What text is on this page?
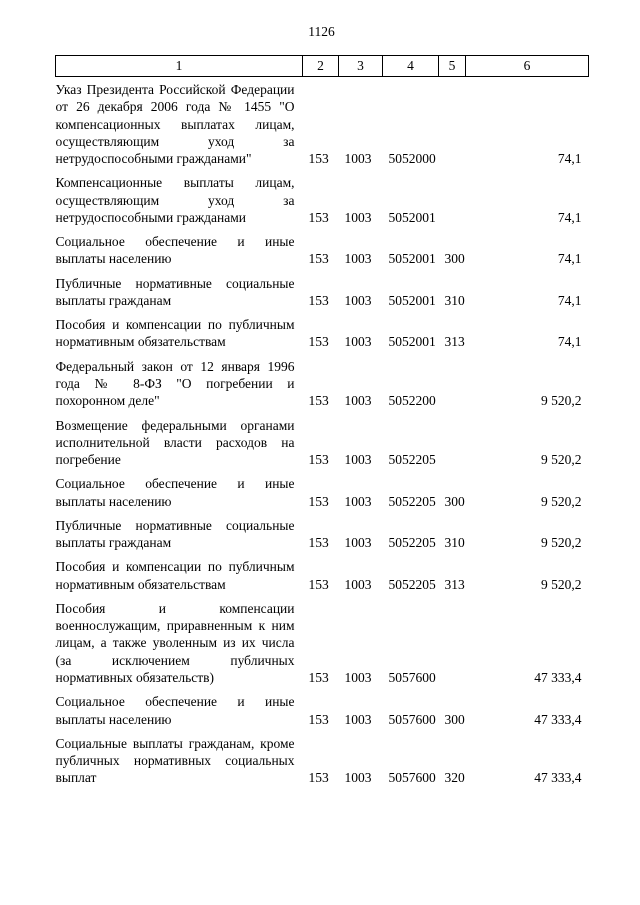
1126
1	2	3	4	5	6
Указ Президента Российской Федерации от 26 декабря 2006 года № 1455 "О компенсационных выплатах лицам, осуществляющим уход за нетрудоспособными гражданами"	153	1003	5052000		74,1
Компенсационные выплаты лицам, осуществляющим уход за нетрудоспособными гражданами	153	1003	5052001		74,1
Социальное обеспечение и иные выплаты населению	153	1003	5052001	300	74,1
Публичные нормативные социальные выплаты гражданам	153	1003	5052001	310	74,1
Пособия и компенсации по публичным нормативным обязательствам	153	1003	5052001	313	74,1
Федеральный закон от 12 января 1996 года № 8-ФЗ "О погребении и похоронном деле"	153	1003	5052200		9 520,2
Возмещение федеральными органами исполнительной власти расходов на погребение	153	1003	5052205		9 520,2
Социальное обеспечение и иные выплаты населению	153	1003	5052205	300	9 520,2
Публичные нормативные социальные выплаты гражданам	153	1003	5052205	310	9 520,2
Пособия и компенсации по публичным нормативным обязательствам	153	1003	5052205	313	9 520,2
Пособия и компенсации военнослужащим, приравненным к ним лицам, а также уволенным из их числа (за исключением публичных нормативных обязательств)	153	1003	5057600		47 333,4
Социальное обеспечение и иные выплаты населению	153	1003	5057600	300	47 333,4
Социальные выплаты гражданам, кроме публичных нормативных социальных выплат	153	1003	5057600	320	47 333,4
